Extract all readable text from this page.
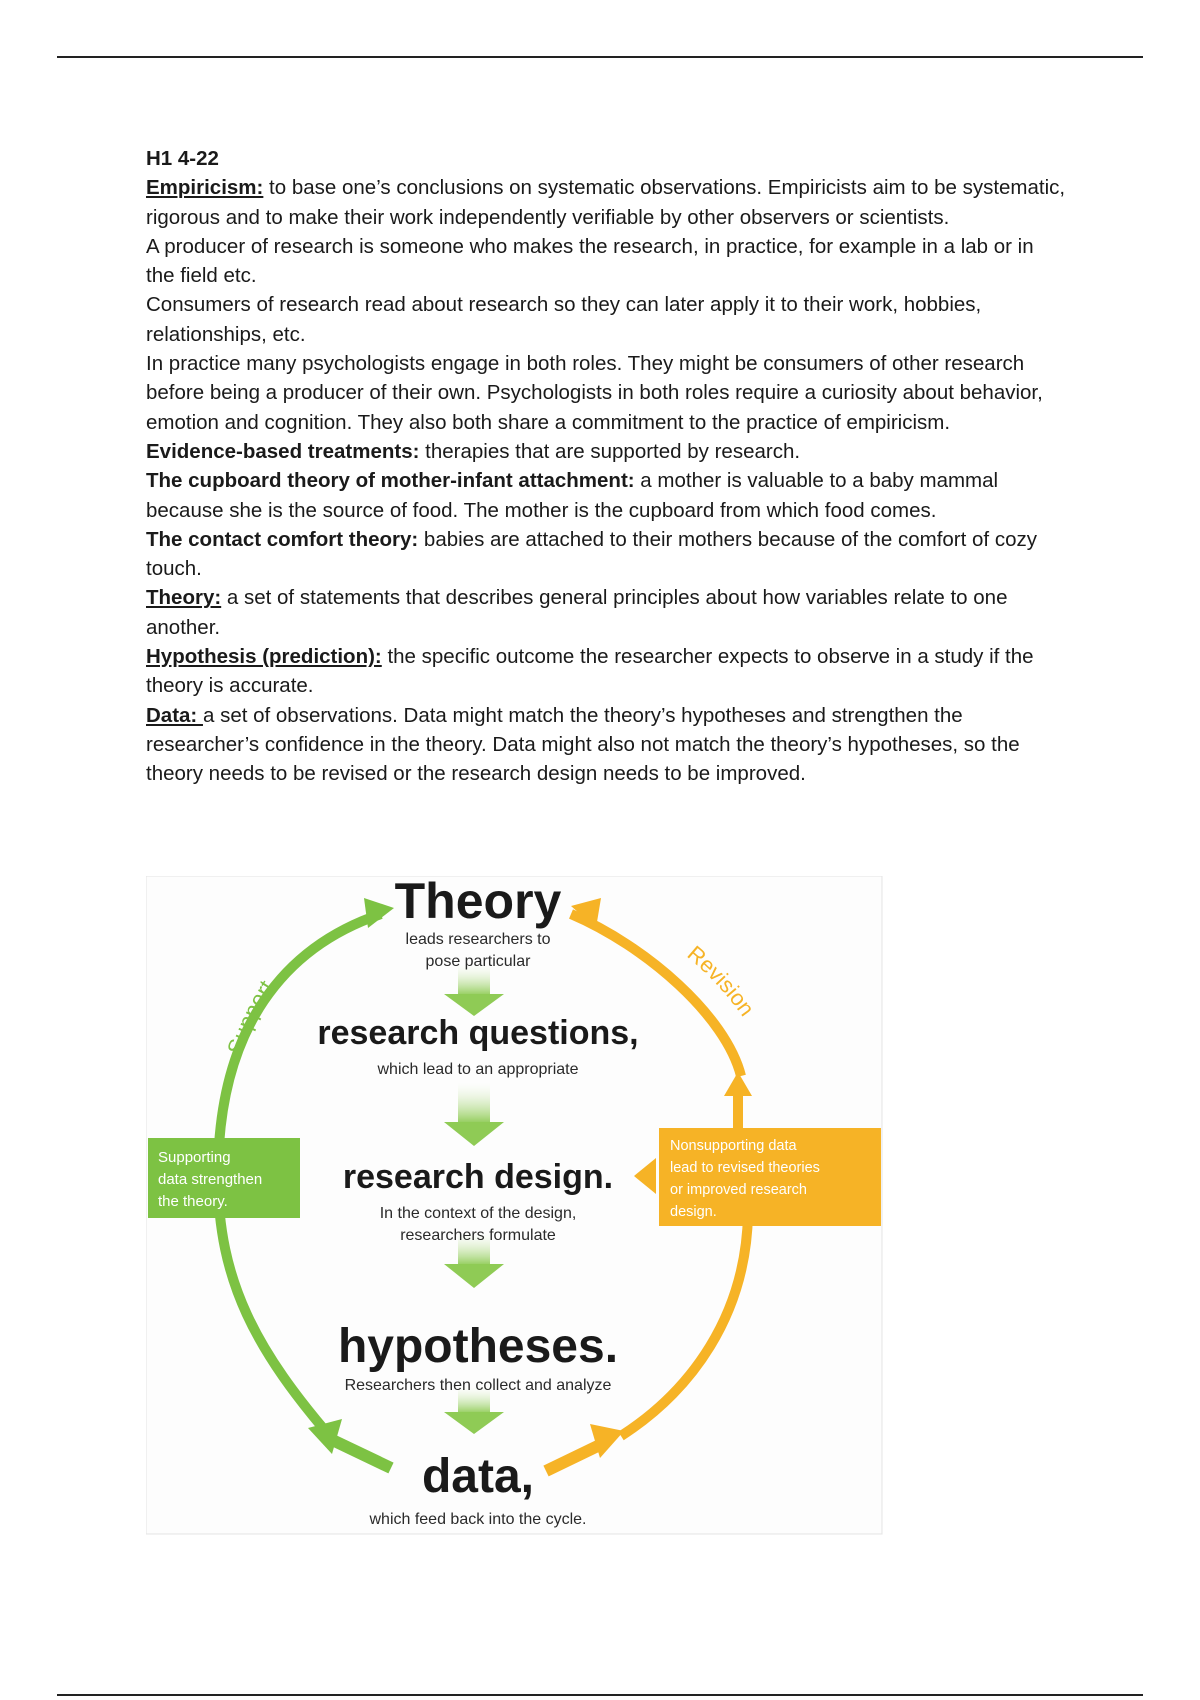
H1 4-22

Empiricism: to base one’s conclusions on systematic observations. Empiricists aim to be systematic, rigorous and to make their work independently verifiable by other observers or scientists.

A producer of research is someone who makes the research, in practice, for example in a lab or in the field etc.

Consumers of research read about research so they can later apply it to their work, hobbies, relationships, etc.

In practice many psychologists engage in both roles. They might be consumers of other research before being a producer of their own. Psychologists in both roles require a curiosity about behavior, emotion and cognition. They also both share a commitment to the practice of empiricism.

Evidence-based treatments: therapies that are supported by research.

The cupboard theory of mother-infant attachment: a mother is valuable to a baby mammal because she is the source of food. The mother is the cupboard from which food comes.

The contact comfort theory: babies are attached to their mothers because of the comfort of cozy touch.

Theory: a set of statements that describes general principles about how variables relate to one another.

Hypothesis (prediction): the specific outcome the researcher expects to observe in a study if the theory is accurate.

Data: a set of observations. Data might match the theory’s hypotheses and strengthen the researcher’s confidence in the theory. Data might also not match the theory’s hypotheses, so the theory needs to be revised or the research design needs to be improved.

Support
Revision
Theory
leads researchers to
pose particular
research questions,
which lead to an appropriate
research design.
In the context of the design,
researchers formulate
hypotheses.
Researchers then collect and analyze
data,
which feed back into the cycle.
Supporting
data strengthen
the theory.
Nonsupporting data
lead to revised theories
or improved research
design.
